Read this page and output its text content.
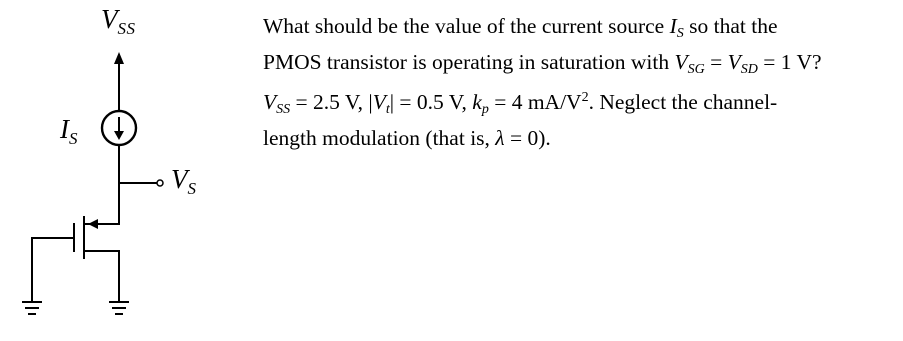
$V_{SS}$
$I_S$
$V_S$
What should be the value of the current source IS so that the
PMOS transistor is operating in saturation with VSG = VSD = 1 V?
VSS = 2.5 V, |Vt| = 0.5 V, kp = 4 $mA/V^2$. Neglect the channel-
length modulation (that is, λ = 0).
